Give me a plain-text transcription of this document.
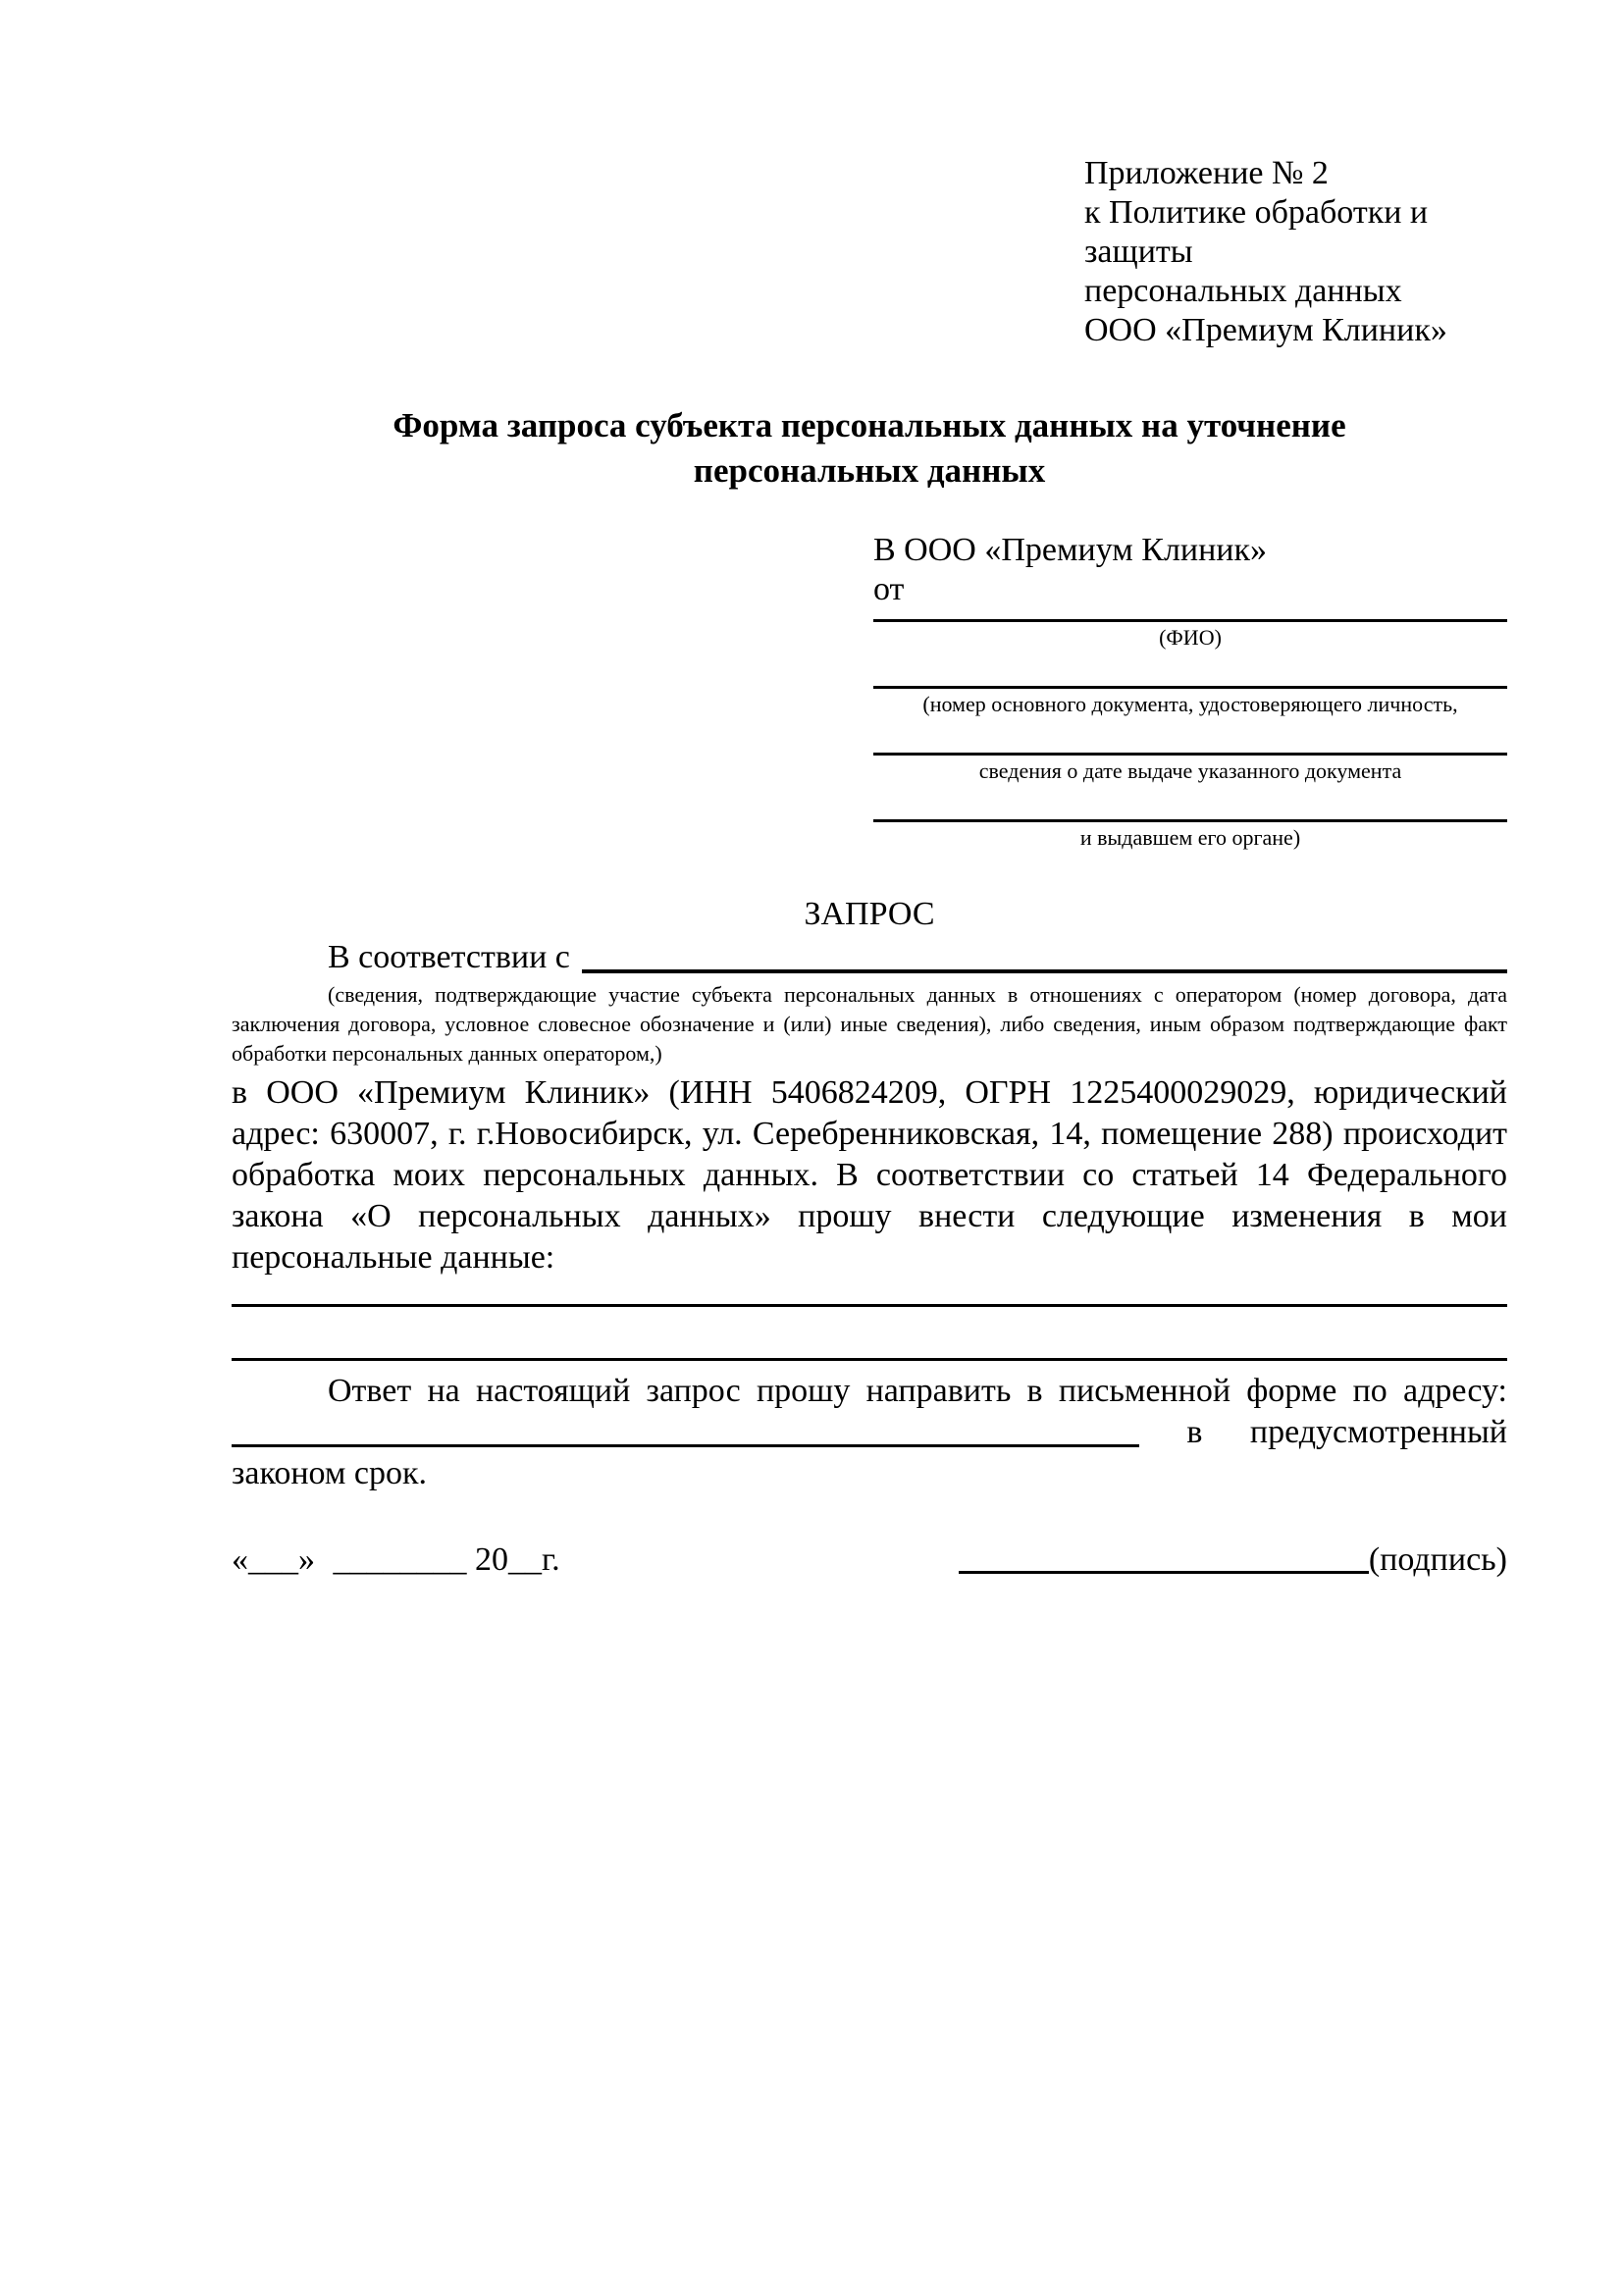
Приложение № 2
к Политике обработки и защиты
персональных данных
ООО «Премиум Клиник»
Форма запроса субъекта персональных данных на уточнение
персональных данных
В ООО «Премиум Клиник»
от
(ФИО)
(номер основного документа, удостоверяющего личность,
сведения о дате выдаче указанного документа
и выдавшем его органе)
ЗАПРОС
В соответствии с
(сведения, подтверждающие участие субъекта персональных данных в отношениях с оператором (номер договора, дата заключения договора, условное словесное обозначение и (или) иные сведения), либо сведения, иным образом подтверждающие факт обработки персональных данных оператором,)
в ООО «Премиум Клиник» (ИНН 5406824209, ОГРН 1225400029029, юридический адрес: 630007, г. г.Новосибирск, ул. Серебренниковская, 14, помещение 288) происходит обработка моих персональных данных. В соответствии со статьей 14 Федерального закона «О персональных данных» прошу внести следующие изменения в мои персональные данные:
Ответ на настоящий запрос прошу направить в письменной форме по адресу:
в предусмотренный
законом срок.
«___» ________ 20__г.	(подпись)
